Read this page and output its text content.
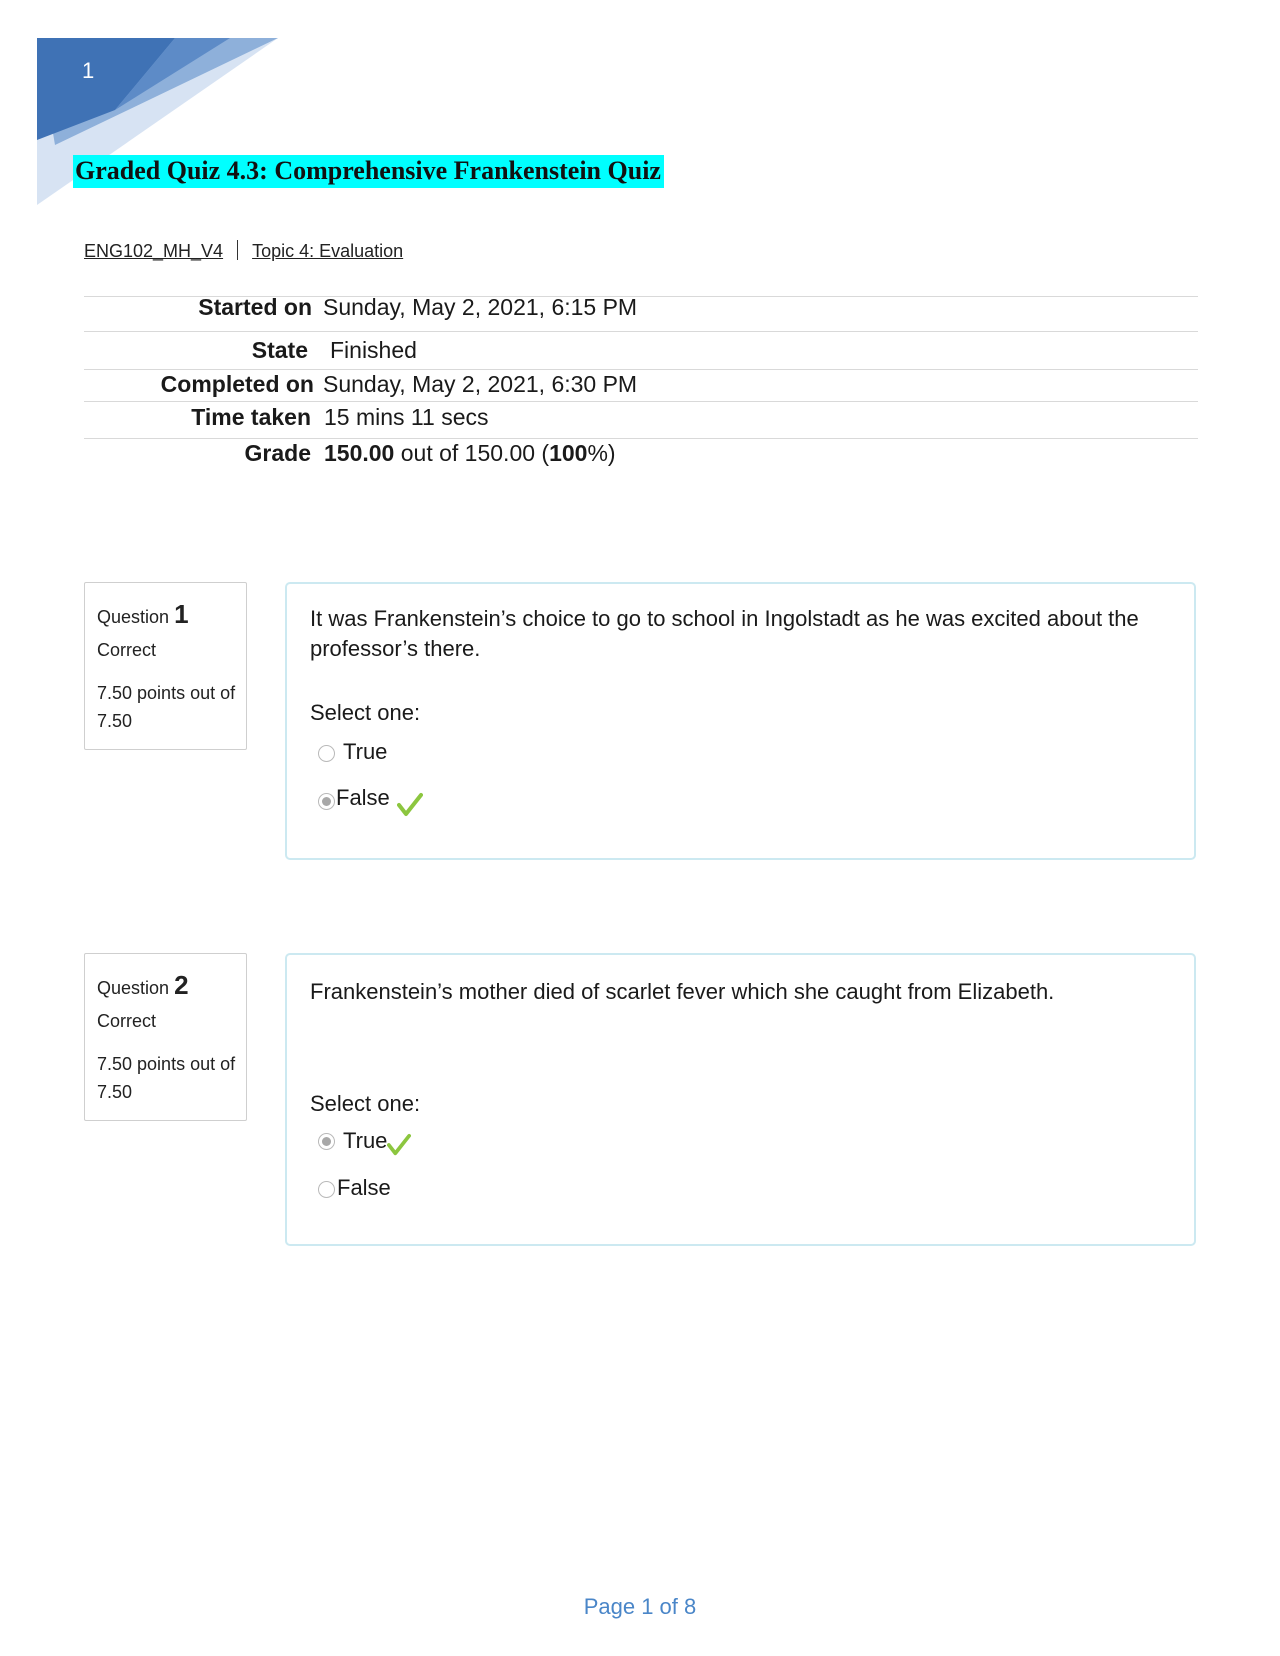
1
Graded Quiz 4.3: Comprehensive Frankenstein Quiz
ENG102_MH_V4 Topic 4: Evaluation
Started on Sunday, May 2, 2021, 6:15 PM
State Finished
Completed on Sunday, May 2, 2021, 6:30 PM
Time taken 15 mins 11 secs
Grade 150.00 out of 150.00 (100%)
Question 1
Correct
7.50 points out of 7.50
It was Frankenstein’s choice to go to school in Ingolstadt as he was excited about the professor’s there.
Select one:
True
False
Question 2
Correct
7.50 points out of 7.50
Frankenstein’s mother died of scarlet fever which she caught from Elizabeth.
Select one:
True
False
Page 1 of 8
